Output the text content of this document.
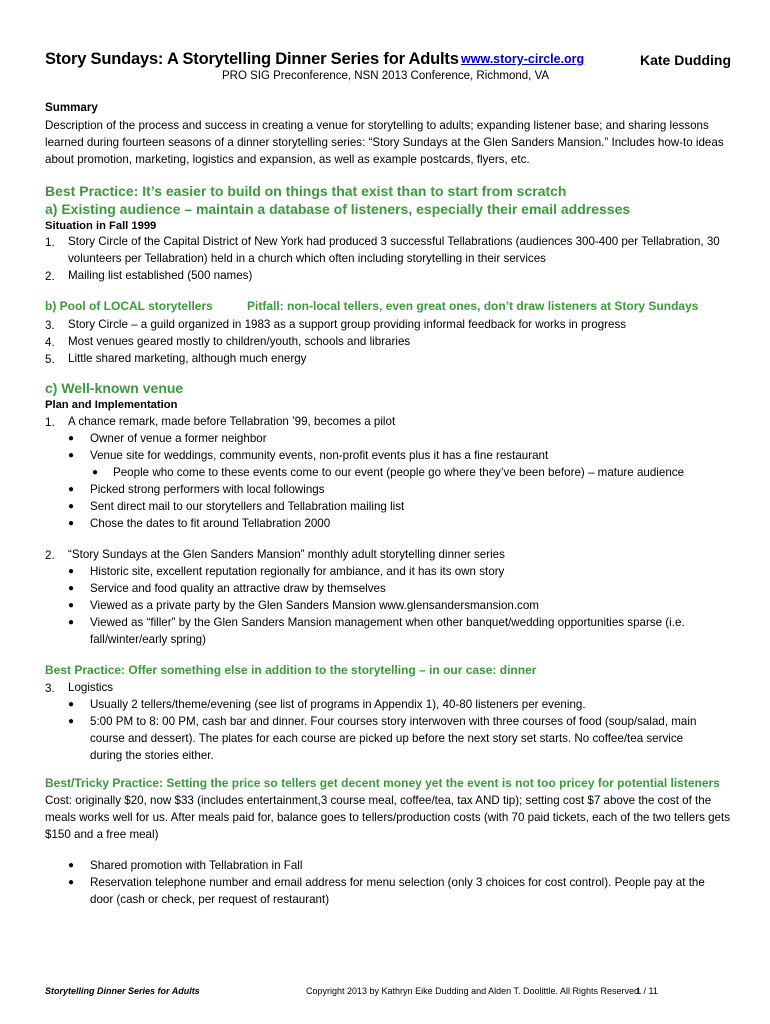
Story Sundays: A Storytelling Dinner Series for Adults www.story-circle.org	Kate Dudding
PRO SIG Preconference, NSN 2013 Conference, Richmond, VA
Summary
Description of the process and success in creating a venue for storytelling to adults; expanding listener base; and sharing lessons learned during fourteen seasons of a dinner storytelling series: “Story Sundays at the Glen Sanders Mansion.” Includes how-to ideas about promotion, marketing, logistics and expansion, as well as example postcards, flyers, etc.
Best Practice: It’s easier to build on things that exist than to start from scratch
a) Existing audience – maintain a database of listeners, especially their email addresses
Situation in Fall 1999
1. Story Circle of the Capital District of New York had produced 3 successful Tellabrations (audiences 300-400 per Tellabration, 30 volunteers per Tellabration) held in a church which often including storytelling in their services
2. Mailing list established (500 names)
b) Pool of LOCAL storytellers	Pitfall: non-local tellers, even great ones, don’t draw listeners at Story Sundays
3. Story Circle – a guild organized in 1983 as a support group providing informal feedback for works in progress
4. Most venues geared mostly to children/youth, schools and libraries
5. Little shared marketing, although much energy
c) Well-known venue
Plan and Implementation
1. A chance remark, made before Tellabration ’99, becomes a pilot
● Owner of venue a former neighbor
● Venue site for weddings, community events, non-profit events plus it has a fine restaurant
● People who come to these events come to our event (people go where they’ve been before) – mature audience
● Picked strong performers with local followings
● Sent direct mail to our storytellers and Tellabration mailing list
● Chose the dates to fit around Tellabration 2000
2. “Story Sundays at the Glen Sanders Mansion” monthly adult storytelling dinner series
● Historic site, excellent reputation regionally for ambiance, and it has its own story
● Service and food quality an attractive draw by themselves
● Viewed as a private party by the Glen Sanders Mansion www.glensandersmansion.com
● Viewed as “filler” by the Glen Sanders Mansion management when other banquet/wedding opportunities sparse (i.e. fall/winter/early spring)
Best Practice: Offer something else in addition to the storytelling – in our case: dinner
3. Logistics
● Usually 2 tellers/theme/evening (see list of programs in Appendix 1), 40-80 listeners per evening.
● 5:00 PM to 8: 00 PM, cash bar and dinner. Four courses story interwoven with three courses of food (soup/salad, main course and dessert). The plates for each course are picked up before the next story set starts. No coffee/tea service during the stories either.
Best/Tricky Practice: Setting the price so tellers get decent money yet the event is not too pricey for potential listeners
Cost: originally $20, now $33 (includes entertainment,3 course meal, coffee/tea, tax AND tip); setting cost $7 above the cost of the meals works well for us. After meals paid for, balance goes to tellers/production costs (with 70 paid tickets, each of the two tellers gets $150 and a free meal)
● Shared promotion with Tellabration in Fall
● Reservation telephone number and email address for menu selection (only 3 choices for cost control). People pay at the door (cash or check, per request of restaurant)
Storytelling Dinner Series for Adults	Copyright 2013 by Kathryn Eike Dudding and Alden T. Doolittle. All Rights Reserved.
1 / 11
